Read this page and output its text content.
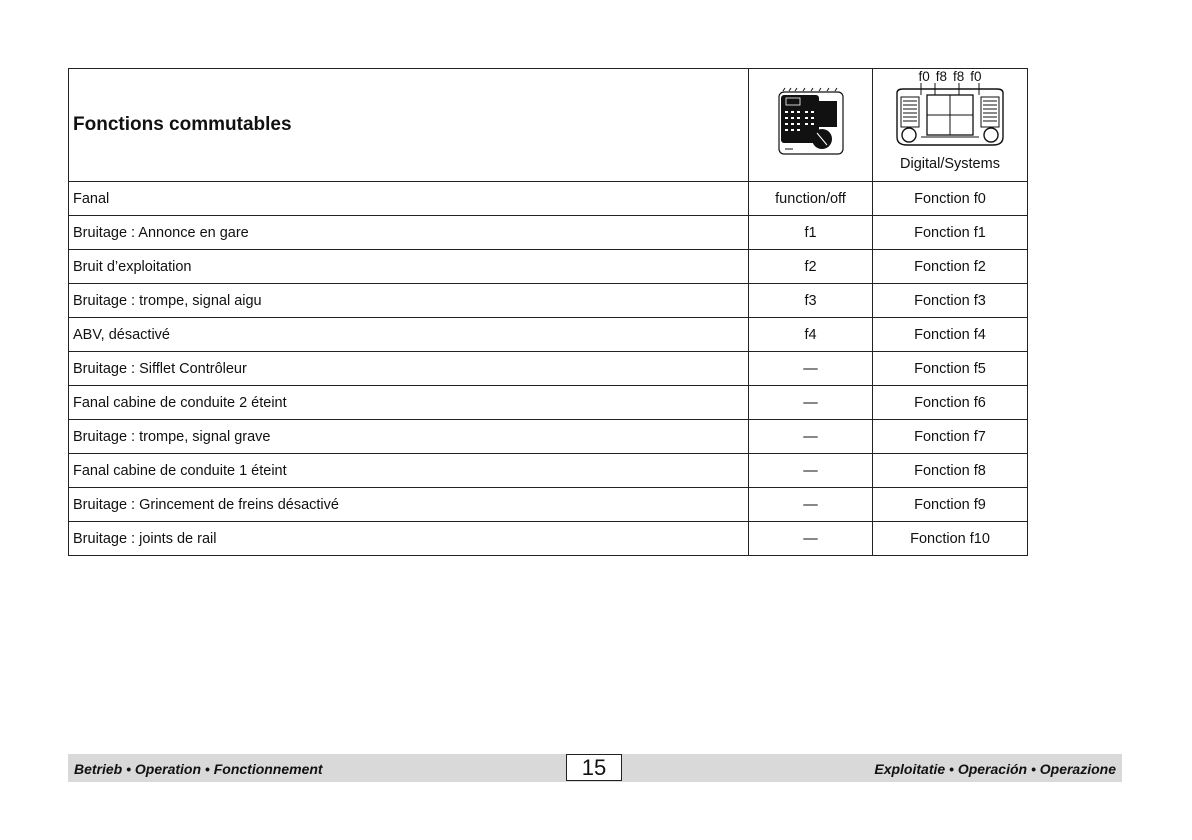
Fonctions commutables		f0 f8 f8 f0
Digital/Systems

Fanal	function/off	Fonction f0
Bruitage : Annonce en gare	f1	Fonction f1
Bruit d’exploitation	f2	Fonction f2
Bruitage : trompe, signal aigu	f3	Fonction f3
ABV, désactivé	f4	Fonction f4
Bruitage : Sifflet Contrôleur	—	Fonction f5
Fanal cabine de conduite 2 éteint	—	Fonction f6
Bruitage : trompe, signal grave	—	Fonction f7
Fanal cabine de conduite 1 éteint	—	Fonction f8
Bruitage : Grincement de freins désactivé	—	Fonction f9
Bruitage : joints de rail	—	Fonction f10
Betrieb • Operation • Fonctionnement	15	Exploitatie • Operación • Operazione
